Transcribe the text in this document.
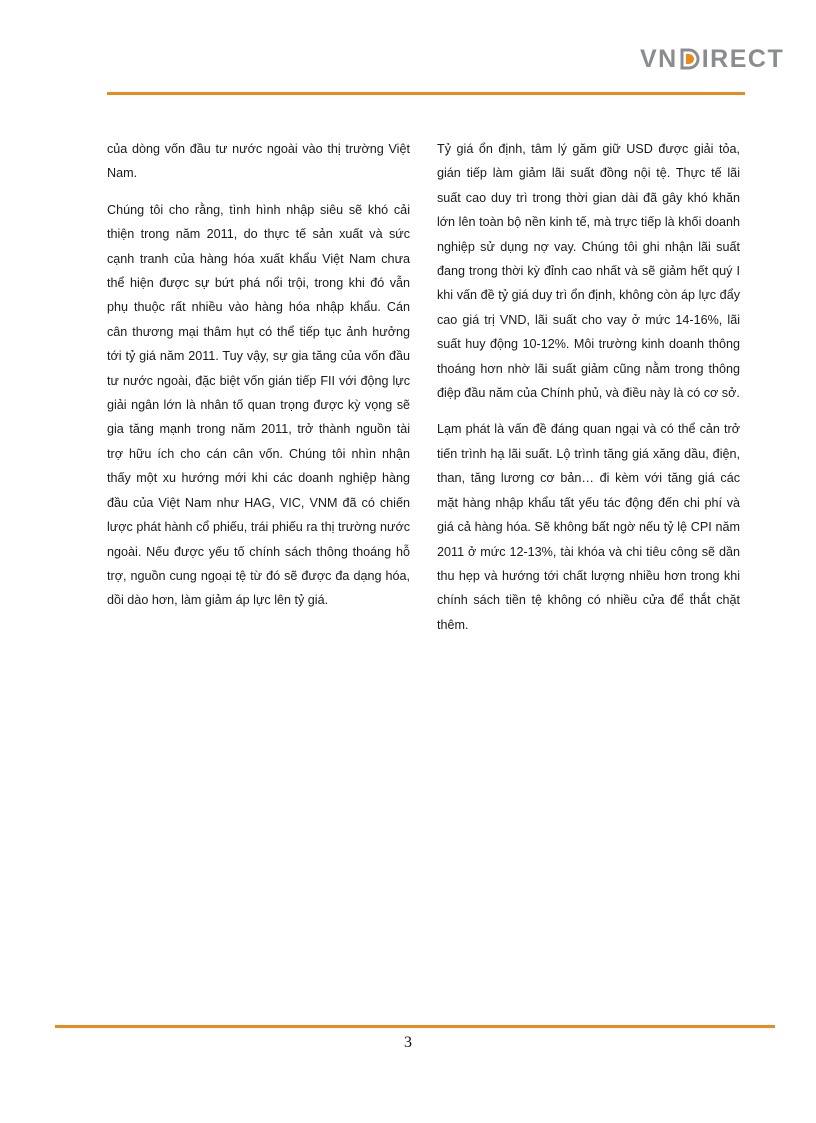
VN IRECT

của dòng vốn đầu tư nước ngoài vào thị trường Việt Nam.

Chúng tôi cho rằng, tình hình nhập siêu sẽ khó cải thiện trong năm 2011, do thực tế sản xuất và sức cạnh tranh của hàng hóa xuất khẩu Việt Nam chưa thể hiện được sự bứt phá nổi trội, trong khi đó vẫn phụ thuộc rất nhiều vào hàng hóa nhập khẩu. Cán cân thương mại thâm hụt có thể tiếp tục ảnh hưởng tới tỷ giá năm 2011. Tuy vậy, sự gia tăng của vốn đầu tư nước ngoài, đặc biệt vốn gián tiếp FII với động lực giải ngân lớn là nhân tố quan trọng được kỳ vọng sẽ gia tăng mạnh trong năm 2011, trở thành nguồn tài trợ hữu ích cho cán cân vốn. Chúng tôi nhìn nhận thấy một xu hướng mới khi các doanh nghiệp hàng đầu của Việt Nam như HAG, VIC, VNM đã có chiến lược phát hành cổ phiếu, trái phiếu ra thị trường nước ngoài. Nếu được yếu tố chính sách thông thoáng hỗ trợ, nguồn cung ngoại tệ từ đó sẽ được đa dạng hóa, dồi dào hơn, làm giảm áp lực lên tỷ giá.

Tỷ giá ổn định, tâm lý găm giữ USD được giải tỏa, gián tiếp làm giảm lãi suất đồng nội tệ. Thực tế lãi suất cao duy trì trong thời gian dài đã gây khó khăn lớn lên toàn bộ nền kinh tế, mà trực tiếp là khối doanh nghiệp sử dụng nợ vay. Chúng tôi ghi nhận lãi suất đang trong thời kỳ đỉnh cao nhất và sẽ giảm hết quý I khi vấn đề tỷ giá duy trì ổn định, không còn áp lực đẩy cao giá trị VND, lãi suất cho vay ở mức 14-16%, lãi suất huy động 10-12%. Môi trường kinh doanh thông thoáng hơn nhờ lãi suất giảm cũng nằm trong thông điệp đầu năm của Chính phủ, và điều này là có cơ sở.

Lạm phát là vấn đề đáng quan ngại và có thể cản trở tiến trình hạ lãi suất. Lộ trình tăng giá xăng dầu, điện, than, tăng lương cơ bản… đi kèm với tăng giá các mặt hàng nhập khẩu tất yếu tác động đến chi phí và giá cả hàng hóa. Sẽ không bất ngờ nếu tỷ lệ CPI năm 2011 ở mức 12-13%, tài khóa và chi tiêu công sẽ dần thu hẹp và hướng tới chất lượng nhiều hơn trong khi chính sách tiền tệ không có nhiều cửa để thắt chặt thêm.

3
